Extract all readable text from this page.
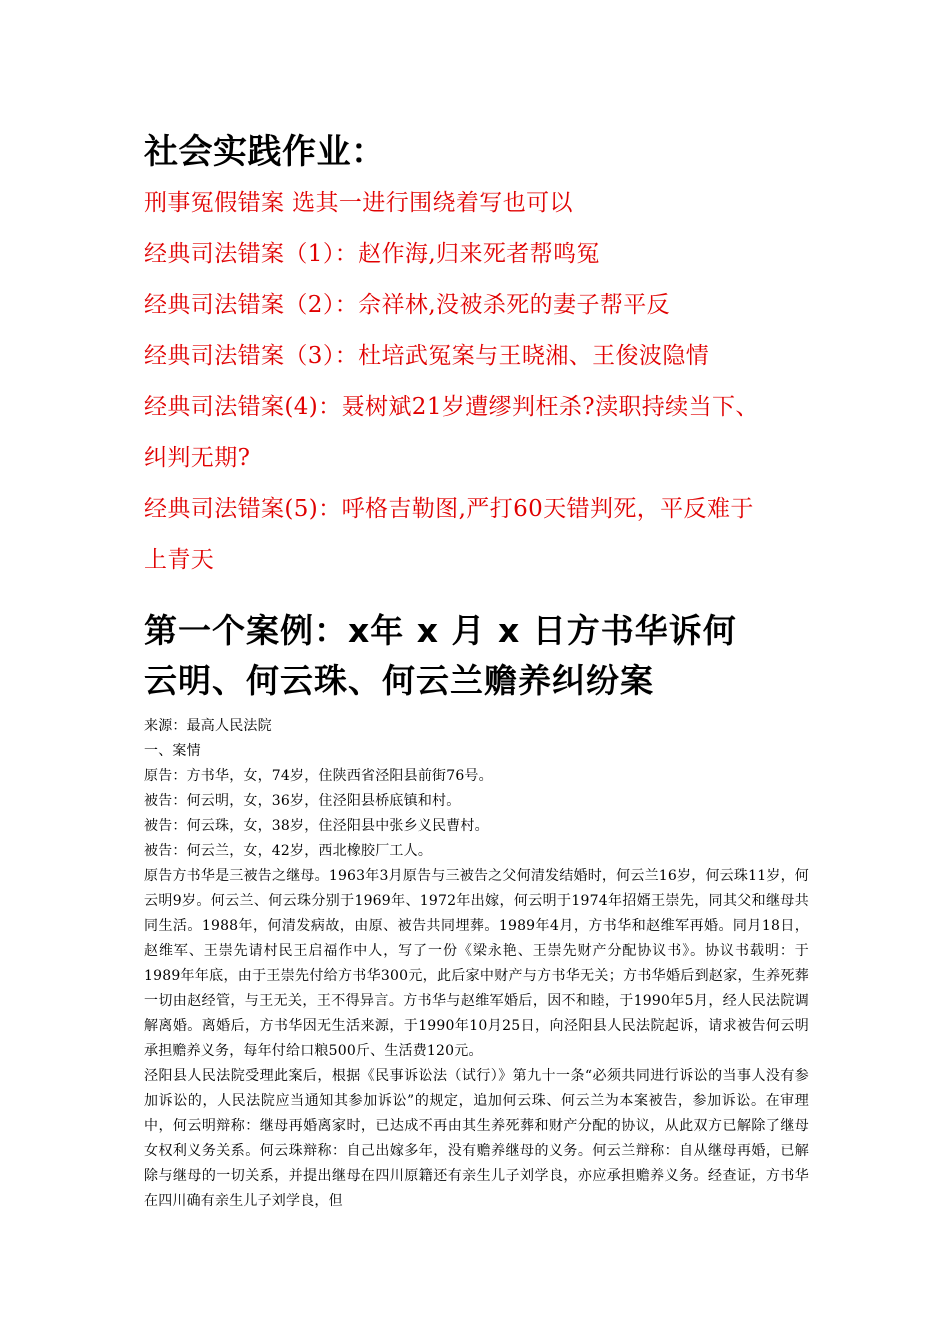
社会实践作业：
刑事冤假错案 选其一进行围绕着写也可以
经典司法错案（1）：赵作海,归来死者帮鸣冤
经典司法错案（2）：佘祥林,没被杀死的妻子帮平反
经典司法错案（3）：杜培武冤案与王晓湘、王俊波隐情
经典司法错案(4)：聂树斌21岁遭缪判枉杀?渎职持续当下、
纠判无期?
经典司法错案(5)：呼格吉勒图,严打60天错判死，平反难于
上青天
第一个案例：x年 x 月 x 日方书华诉何
云明、何云珠、何云兰赡养纠纷案

来源：最高人民法院

一、案情

原告：方书华，女，74岁，住陕西省泾阳县前街76号。

被告：何云明，女，36岁，住泾阳县桥底镇和村。

被告：何云珠，女，38岁，住泾阳县中张乡义民曹村。

被告：何云兰，女，42岁，西北橡胶厂工人。

原告方书华是三被告之继母。1963年3月原告与三被告之父何清发结婚时，何云兰16岁，何云珠11岁，何云明9岁。何云兰、何云珠分别于1969年、1972年出嫁，何云明于1974年招婿王崇先，同其父和继母共同生活。1988年，何清发病故，由原、被告共同埋葬。1989年4月，方书华和赵维军再婚。同月18日，赵维军、王崇先请村民王启福作中人，写了一份《梁永艳、王崇先财产分配协议书》。协议书载明：于1989年年底，由于王崇先付给方书华300元，此后家中财产与方书华无关；方书华婚后到赵家，生养死葬一切由赵经管，与王无关，王不得异言。方书华与赵维军婚后，因不和睦，于1990年5月，经人民法院调解离婚。离婚后，方书华因无生活来源，于1990年10月25日，向泾阳县人民法院起诉，请求被告何云明承担赡养义务，每年付给口粮500斤、生活费120元。

泾阳县人民法院受理此案后，根据《民事诉讼法（试行）》第九十一条“必须共同进行诉讼的当事人没有参加诉讼的，人民法院应当通知其参加诉讼”的规定，追加何云珠、何云兰为本案被告，参加诉讼。在审理中，何云明辩称：继母再婚离家时，已达成不再由其生养死葬和财产分配的协议，从此双方已解除了继母女权利义务关系。何云珠辩称：自己出嫁多年，没有赡养继母的义务。何云兰辩称：自从继母再婚，已解除与继母的一切关系，并提出继母在四川原籍还有亲生儿子刘学良，亦应承担赡养义务。经查证，方书华在四川确有亲生儿子刘学良，但
